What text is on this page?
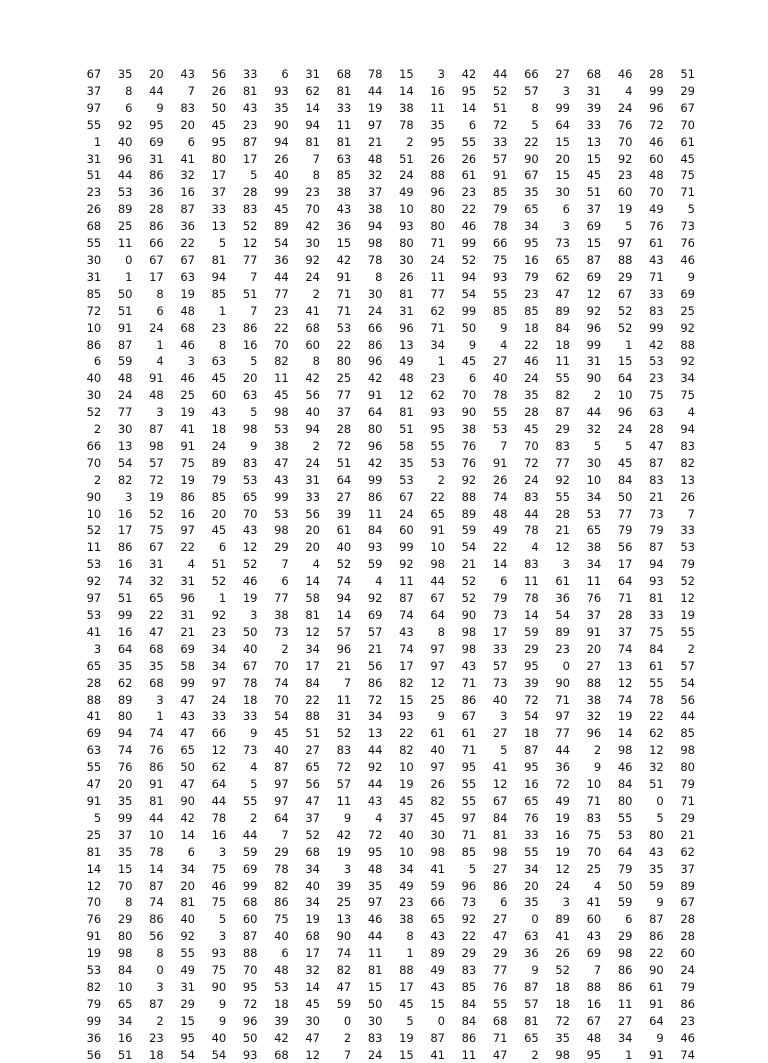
67	35	20	43	56	33	6	31	68	78	15	3	42	44	66	27	68	46	28	51
37	8	44	7	26	81	93	62	81	44	14	16	95	52	57	3	31	4	99	29
97	6	9	83	50	43	35	14	33	19	38	11	14	51	8	99	39	24	96	67
55	92	95	20	45	23	90	94	11	97	78	35	6	72	5	64	33	76	72	70
1	40	69	6	95	87	94	81	81	21	2	95	55	33	22	15	13	70	46	61
31	96	31	41	80	17	26	7	63	48	51	26	26	57	90	20	15	92	60	45
51	44	86	32	17	5	40	8	85	32	24	88	61	91	67	15	45	23	48	75
23	53	36	16	37	28	99	23	38	37	49	96	23	85	35	30	51	60	70	71
26	89	28	87	33	83	45	70	43	38	10	80	22	79	65	6	37	19	49	5
68	25	86	36	13	52	89	42	36	94	93	80	46	78	34	3	69	5	76	73
55	11	66	22	5	12	54	30	15	98	80	71	99	66	95	73	15	97	61	76
30	0	67	67	81	77	36	92	42	78	30	24	52	75	16	65	87	88	43	46
31	1	17	63	94	7	44	24	91	8	26	11	94	93	79	62	69	29	71	9
85	50	8	19	85	51	77	2	71	30	81	77	54	55	23	47	12	67	33	69
72	51	6	48	1	7	23	41	71	24	31	62	99	85	85	89	92	52	83	25
10	91	24	68	23	86	22	68	53	66	96	71	50	9	18	84	96	52	99	92
86	87	1	46	8	16	70	60	22	86	13	34	9	4	22	18	99	1	42	88
6	59	4	3	63	5	82	8	80	96	49	1	45	27	46	11	31	15	53	92
40	48	91	46	45	20	11	42	25	42	48	23	6	40	24	55	90	64	23	34
30	24	48	25	60	63	45	56	77	91	12	62	70	78	35	82	2	10	75	75
52	77	3	19	43	5	98	40	37	64	81	93	90	55	28	87	44	96	63	4
2	30	87	41	18	98	53	94	28	80	51	95	38	53	45	29	32	24	28	94
66	13	98	91	24	9	38	2	72	96	58	55	76	7	70	83	5	5	47	83
70	54	57	75	89	83	47	24	51	42	35	53	76	91	72	77	30	45	87	82
2	82	72	19	79	53	43	31	64	99	53	2	92	26	24	92	10	84	83	13
90	3	19	86	85	65	99	33	27	86	67	22	88	74	83	55	34	50	21	26
10	16	52	16	20	70	53	56	39	11	24	65	89	48	44	28	53	77	73	7
52	17	75	97	45	43	98	20	61	84	60	91	59	49	78	21	65	79	79	33
11	86	67	22	6	12	29	20	40	93	99	10	54	22	4	12	38	56	87	53
53	16	31	4	51	52	7	4	52	59	92	98	21	14	83	3	34	17	94	79
92	74	32	31	52	46	6	14	74	4	11	44	52	6	11	61	11	64	93	52
97	51	65	96	1	19	77	58	94	92	87	67	52	79	78	36	76	71	81	12
53	99	22	31	92	3	38	81	14	69	74	64	90	73	14	54	37	28	33	19
41	16	47	21	23	50	73	12	57	57	43	8	98	17	59	89	91	37	75	55
3	64	68	69	34	40	2	34	96	21	74	97	98	33	29	23	20	74	84	2
65	35	35	58	34	67	70	17	21	56	17	97	43	57	95	0	27	13	61	57
28	62	68	99	97	78	74	84	7	86	82	12	71	73	39	90	88	12	55	54
88	89	3	47	24	18	70	22	11	72	15	25	86	40	72	71	38	74	78	56
41	80	1	43	33	33	54	88	31	34	93	9	67	3	54	97	32	19	22	44
69	94	74	47	66	9	45	51	52	13	22	61	61	27	18	77	96	14	62	85
63	74	76	65	12	73	40	27	83	44	82	40	71	5	87	44	2	98	12	98
55	76	86	50	62	4	87	65	72	92	10	97	95	41	95	36	9	46	32	80
47	20	91	47	64	5	97	56	57	44	19	26	55	12	16	72	10	84	51	79
91	35	81	90	44	55	97	47	11	43	45	82	55	67	65	49	71	80	0	71
5	99	44	42	78	2	64	37	9	4	37	45	97	84	76	19	83	55	5	29
25	37	10	14	16	44	7	52	42	72	40	30	71	81	33	16	75	53	80	21
81	35	78	6	3	59	29	68	19	95	10	98	85	98	55	19	70	64	43	62
14	15	14	34	75	69	78	34	3	48	34	41	5	27	34	12	25	79	35	37
12	70	87	20	46	99	82	40	39	35	49	59	96	86	20	24	4	50	59	89
70	8	74	81	75	68	86	34	25	97	23	66	73	6	35	3	41	59	9	67
76	29	86	40	5	60	75	19	13	46	38	65	92	27	0	89	60	6	87	28
91	80	56	92	3	87	40	68	90	44	8	43	22	47	63	41	43	29	86	28
19	98	8	55	93	88	6	17	74	11	1	89	29	29	36	26	69	98	22	60
53	84	0	49	75	70	48	32	82	81	88	49	83	77	9	52	7	86	90	24
82	10	3	31	90	95	53	14	47	15	17	43	85	76	87	18	88	86	61	79
79	65	87	29	9	72	18	45	59	50	45	15	84	55	57	18	16	11	91	86
99	34	2	15	9	96	39	30	0	30	5	0	84	68	81	72	67	27	64	23
36	16	23	95	40	50	42	47	2	83	19	87	86	71	65	35	48	34	9	46
56	51	18	54	54	93	68	12	7	24	15	41	11	47	2	98	95	1	91	74
